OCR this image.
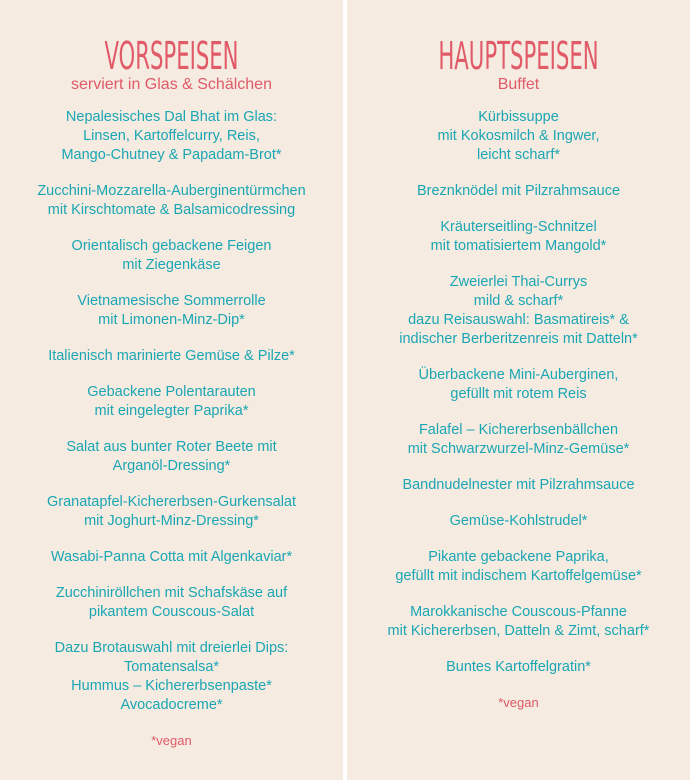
VORSPEISEN
serviert in Glas & Schälchen
Nepalesisches Dal Bhat im Glas:
Linsen, Kartoffelcurry, Reis,
Mango-Chutney & Papadam-Brot*
Zucchini-Mozzarella-Auberginentürmchen
mit Kirschtomate & Balsamicodressing
Orientalisch gebackene Feigen
mit Ziegenkäse
Vietnamesische Sommerrolle
mit Limonen-Minz-Dip*
Italienisch marinierte Gemüse & Pilze*
Gebackene Polentarauten
mit eingelegter Paprika*
Salat aus bunter Roter Beete mit
Arganöl-Dressing*
Granatapfel-Kichererbsen-Gurkensalat
mit Joghurt-Minz-Dressing*
Wasabi-Panna Cotta mit Algenkaviar*
Zucchiniröllchen mit Schafskäse auf
pikantem Couscous-Salat
Dazu Brotauswahl mit dreierlei Dips:
Tomatensalsa*
Hummus – Kichererbsenpaste*
Avocadocreme*
*vegan
HAUPTSPEISEN
Buffet
Kürbissuppe
mit Kokosmilch & Ingwer,
leicht scharf*
Breznknödel mit Pilzrahmsauce
Kräuterseitling-Schnitzel
mit tomatisiertem Mangold*
Zweierlei Thai-Currys
mild & scharf*
dazu Reisauswahl: Basmatireis* &
indischer Berberitzenreis mit Datteln*
Überbackene Mini-Auberginen,
gefüllt mit rotem Reis
Falafel – Kichererbsenbällchen
mit Schwarzwurzel-Minz-Gemüse*
Bandnudelnester mit Pilzrahmsauce
Gemüse-Kohlstrudel*
Pikante gebackene Paprika,
gefüllt mit indischem Kartoffelgemüse*
Marokkanische Couscous-Pfanne
mit Kichererbsen, Datteln & Zimt, scharf*
Buntes Kartoffelgratin*
*vegan
